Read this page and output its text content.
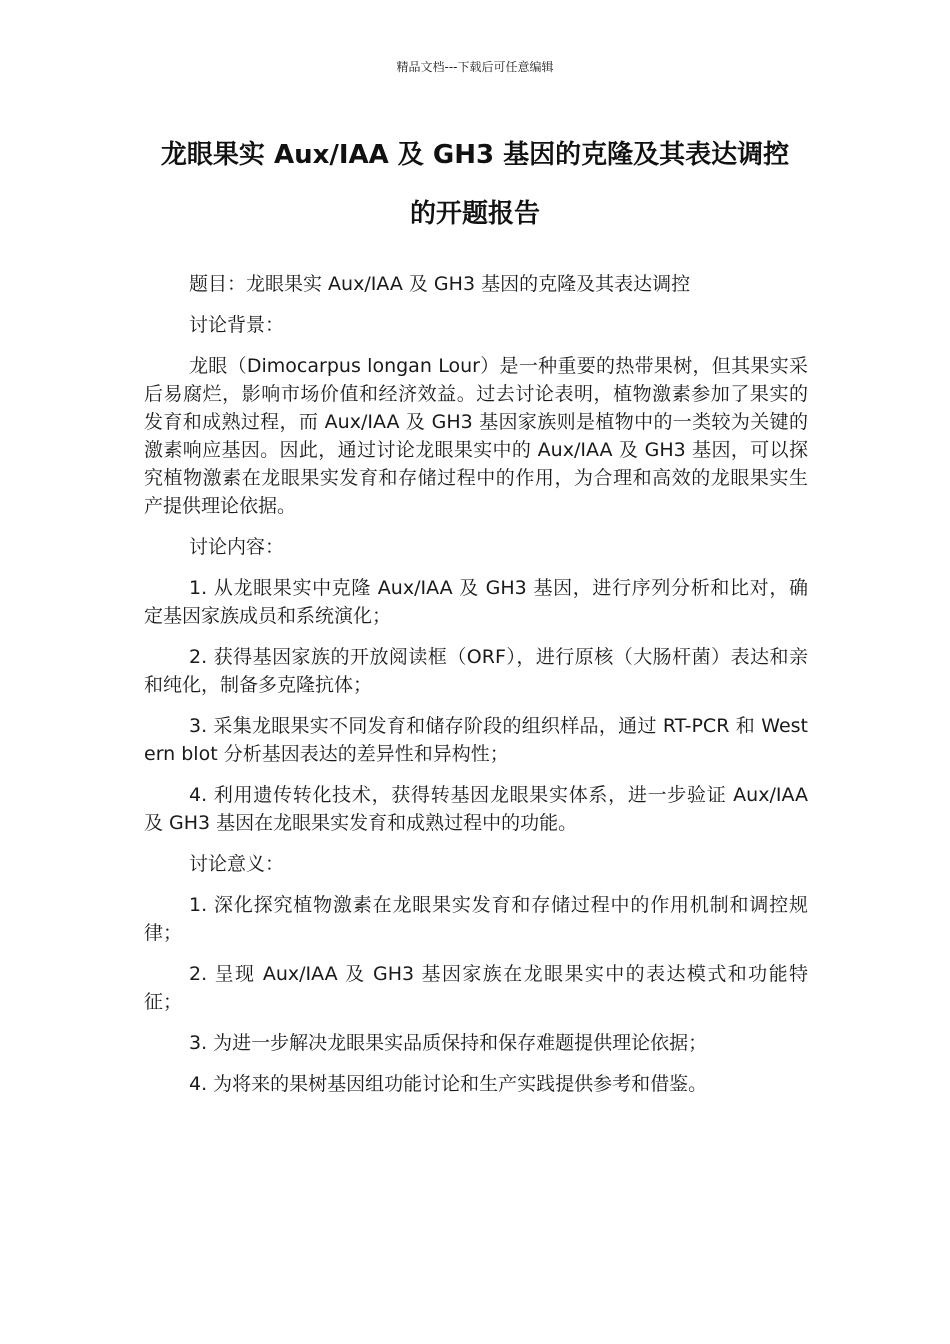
精品文档---下载后可任意编辑
龙眼果实 Aux/IAA 及 GH3 基因的克隆及其表达调控
的开题报告

题目：龙眼果实 Aux/IAA 及 GH3 基因的克隆及其表达调控

讨论背景：

龙眼（Dimocarpus longan Lour）是一种重要的热带果树，但其果实采后易腐烂，影响市场价值和经济效益。过去讨论表明，植物激素参加了果实的发育和成熟过程，而 Aux/IAA 及 GH3 基因家族则是植物中的一类较为关键的激素响应基因。因此，通过讨论龙眼果实中的 Aux/IAA 及 GH3 基因，可以探究植物激素在龙眼果实发育和存储过程中的作用，为合理和高效的龙眼果实生产提供理论依据。

讨论内容：

1. 从龙眼果实中克隆 Aux/IAA 及 GH3 基因，进行序列分析和比对，确定基因家族成员和系统演化；

2. 获得基因家族的开放阅读框（ORF），进行原核（大肠杆菌）表达和亲和纯化，制备多克隆抗体；

3. 采集龙眼果实不同发育和储存阶段的组织样品，通过 RT-PCR 和 Western blot 分析基因表达的差异性和异构性；

4. 利用遗传转化技术，获得转基因龙眼果实体系，进一步验证 Aux/IAA 及 GH3 基因在龙眼果实发育和成熟过程中的功能。

讨论意义：

1. 深化探究植物激素在龙眼果实发育和存储过程中的作用机制和调控规律；

2. 呈现 Aux/IAA 及 GH3 基因家族在龙眼果实中的表达模式和功能特征；

3. 为进一步解决龙眼果实品质保持和保存难题提供理论依据；

4. 为将来的果树基因组功能讨论和生产实践提供参考和借鉴。
